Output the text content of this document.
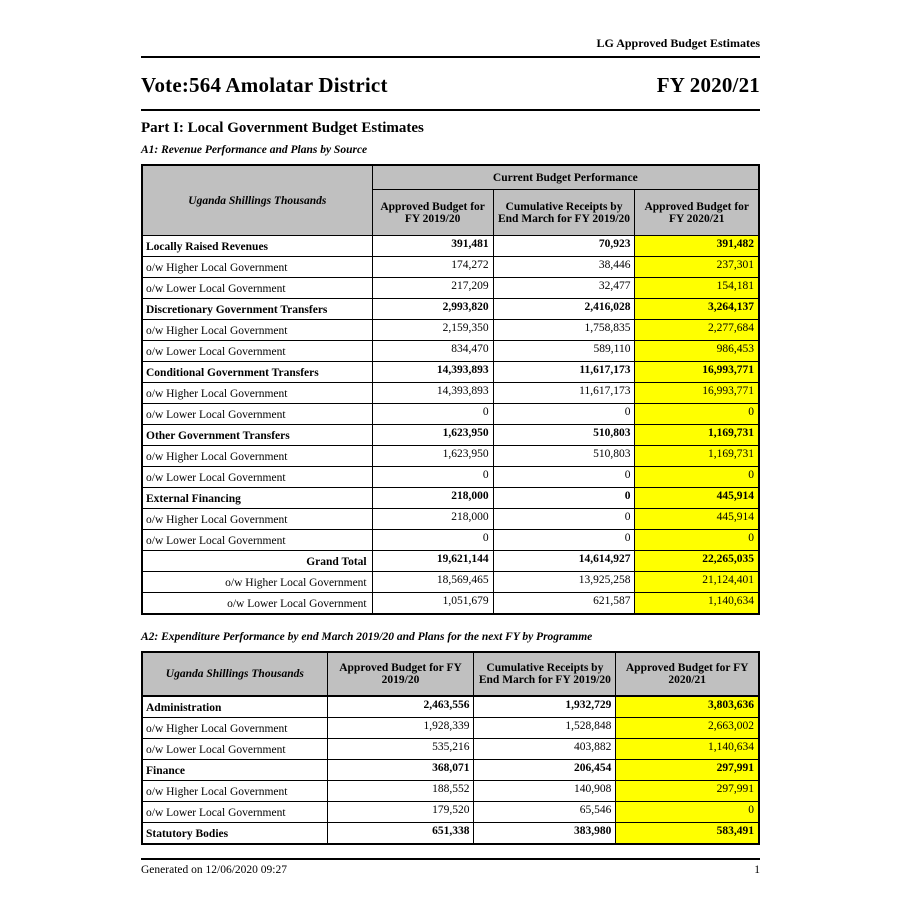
LG Approved Budget Estimates
Vote:564 Amolatar District	FY 2020/21
Part I: Local Government Budget Estimates
A1: Revenue Performance and Plans by Source
Uganda Shillings Thousands	Current Budget Performance		
	Approved Budget for FY 2019/20	Cumulative Receipts by End March for FY 2019/20	Approved Budget for FY 2020/21
Locally Raised Revenues	391,481	70,923	391,482
o/w Higher Local Government	174,272	38,446	237,301
o/w Lower Local Government	217,209	32,477	154,181
Discretionary Government Transfers	2,993,820	2,416,028	3,264,137
o/w Higher Local Government	2,159,350	1,758,835	2,277,684
o/w Lower Local Government	834,470	589,110	986,453
Conditional Government Transfers	14,393,893	11,617,173	16,993,771
o/w Higher Local Government	14,393,893	11,617,173	16,993,771
o/w Lower Local Government	0	0	0
Other Government Transfers	1,623,950	510,803	1,169,731
o/w Higher Local Government	1,623,950	510,803	1,169,731
o/w Lower Local Government	0	0	0
External Financing	218,000	0	445,914
o/w Higher Local Government	218,000	0	445,914
o/w Lower Local Government	0	0	0
Grand Total	19,621,144	14,614,927	22,265,035
o/w Higher Local Government	18,569,465	13,925,258	21,124,401
o/w Lower Local Government	1,051,679	621,587	1,140,634
A2: Expenditure Performance by end March 2019/20 and Plans for the next FY by Programme
Uganda Shillings Thousands	Approved Budget for FY 2019/20	Cumulative Receipts by End March for FY 2019/20	Approved Budget for FY 2020/21
Administration	2,463,556	1,932,729	3,803,636
o/w Higher Local Government	1,928,339	1,528,848	2,663,002
o/w Lower Local Government	535,216	403,882	1,140,634
Finance	368,071	206,454	297,991
o/w Higher Local Government	188,552	140,908	297,991
o/w Lower Local Government	179,520	65,546	0
Statutory Bodies	651,338	383,980	583,491
Generated on 12/06/2020 09:27	1
